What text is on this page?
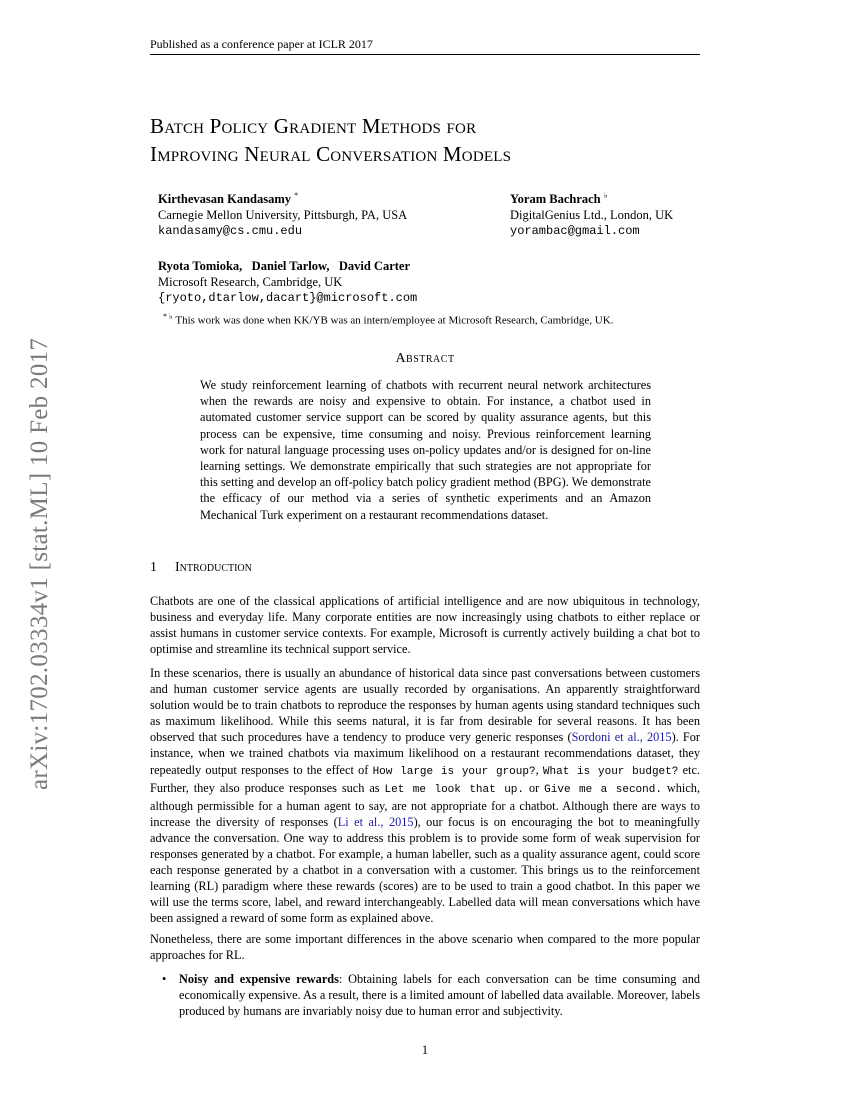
Published as a conference paper at ICLR 2017
arXiv:1702.03334v1 [stat.ML] 10 Feb 2017
Batch Policy Gradient Methods for
Improving Neural Conversation Models
Kirthevasan Kandasamy *
Carnegie Mellon University, Pittsburgh, PA, USA
kandasamy@cs.cmu.edu
Yoram Bachrach ♭
DigitalGenius Ltd., London, UK
yorambac@gmail.com
Ryota Tomioka,   Daniel Tarlow,   David Carter
Microsoft Research, Cambridge, UK
{ryoto,dtarlow,dacart}@microsoft.com
* ♭ This work was done when KK/YB was an intern/employee at Microsoft Research, Cambridge, UK.
Abstract
We study reinforcement learning of chatbots with recurrent neural network architectures when the rewards are noisy and expensive to obtain. For instance, a chatbot used in automated customer service support can be scored by quality assurance agents, but this process can be expensive, time consuming and noisy. Previous reinforcement learning work for natural language processing uses on-policy updates and/or is designed for on-line learning settings. We demonstrate empirically that such strategies are not appropriate for this setting and develop an off-policy batch policy gradient method (BPG). We demonstrate the efficacy of our method via a series of synthetic experiments and an Amazon Mechanical Turk experiment on a restaurant recommendations dataset.
1 Introduction
Chatbots are one of the classical applications of artificial intelligence and are now ubiquitous in technology, business and everyday life. Many corporate entities are now increasingly using chatbots to either replace or assist humans in customer service contexts. For example, Microsoft is currently actively building a chat bot to optimise and streamline its technical support service.
In these scenarios, there is usually an abundance of historical data since past conversations between customers and human customer service agents are usually recorded by organisations. An apparently straightforward solution would be to train chatbots to reproduce the responses by human agents using standard techniques such as maximum likelihood. While this seems natural, it is far from desirable for several reasons. It has been observed that such procedures have a tendency to produce very generic responses (Sordoni et al., 2015). For instance, when we trained chatbots via maximum likelihood on a restaurant recommendations dataset, they repeatedly output responses to the effect of How large is your group?, What is your budget? etc. Further, they also produce responses such as Let me look that up. or Give me a second. which, although permissible for a human agent to say, are not appropriate for a chatbot. Although there are ways to increase the diversity of responses (Li et al., 2015), our focus is on encouraging the bot to meaningfully advance the conversation. One way to address this problem is to provide some form of weak supervision for responses generated by a chatbot. For example, a human labeller, such as a quality assurance agent, could score each response generated by a chatbot in a conversation with a customer. This brings us to the reinforcement learning (RL) paradigm where these rewards (scores) are to be used to train a good chatbot. In this paper we will use the terms score, label, and reward interchangeably. Labelled data will mean conversations which have been assigned a reward of some form as explained above.
Nonetheless, there are some important differences in the above scenario when compared to the more popular approaches for RL.
• Noisy and expensive rewards: Obtaining labels for each conversation can be time consuming and economically expensive. As a result, there is a limited amount of labelled data available. Moreover, labels produced by humans are invariably noisy due to human error and subjectivity.
1
